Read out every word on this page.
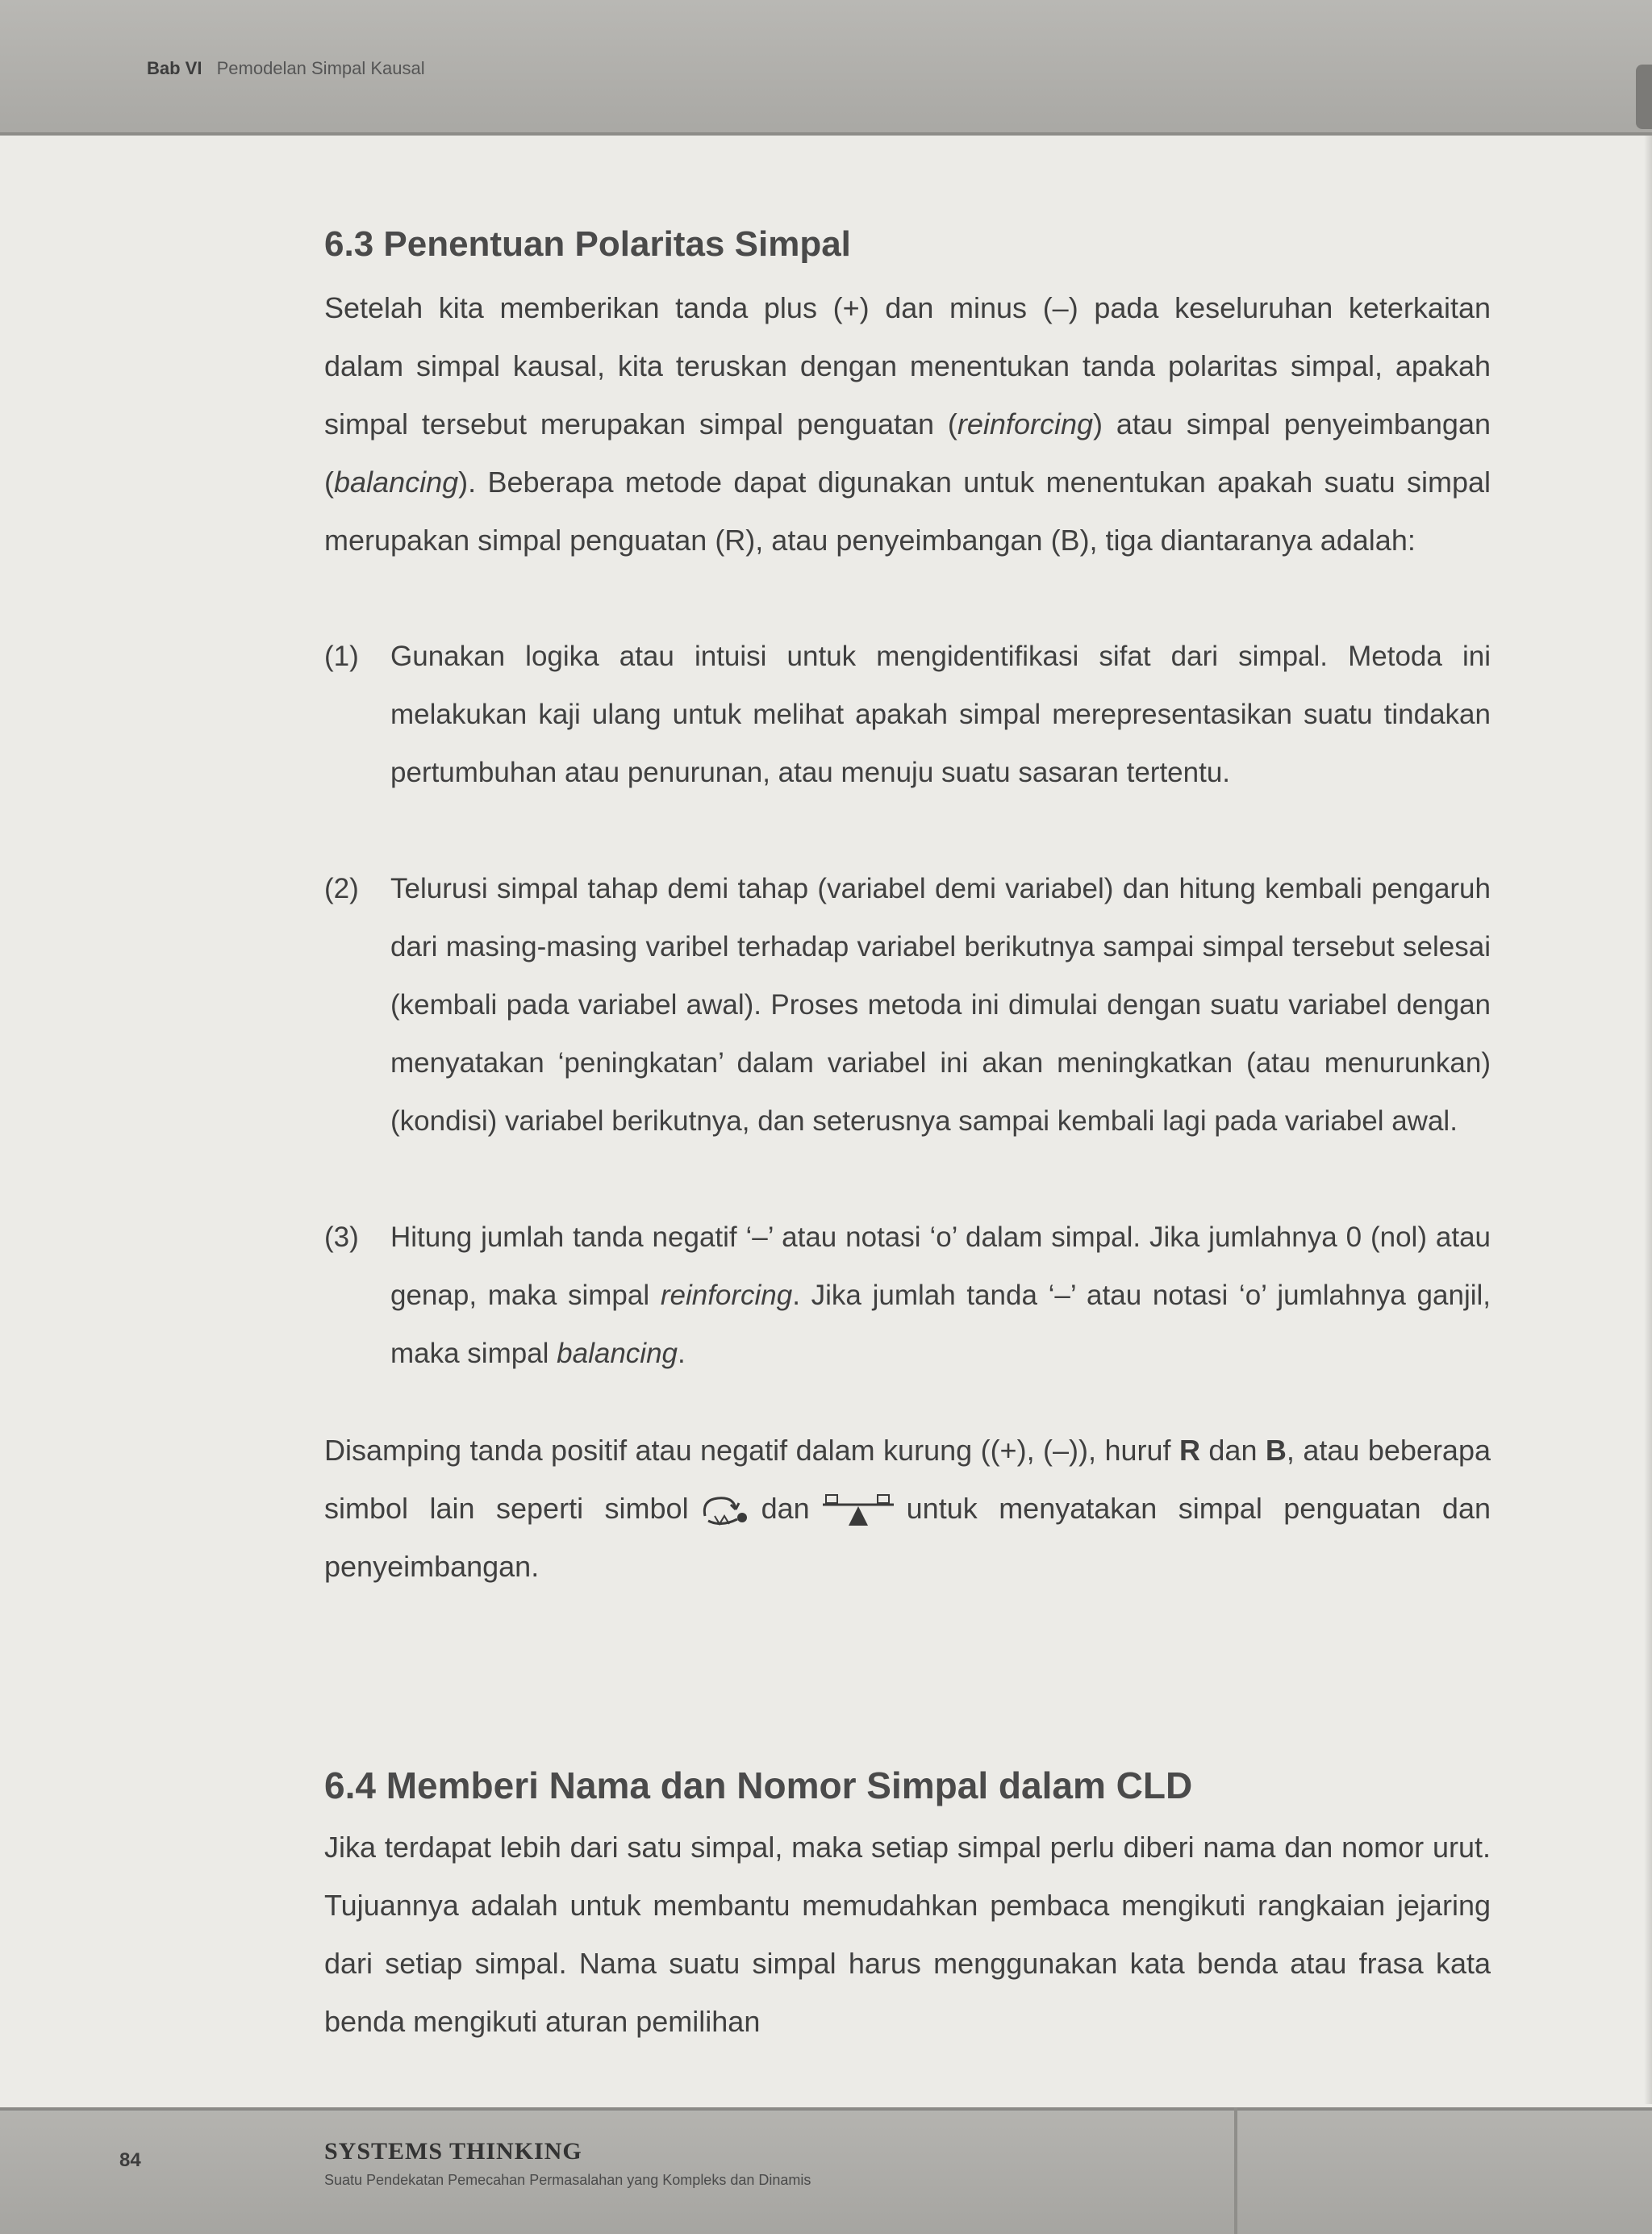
Bab VI Pemodelan Simpal Kausal
6.3 Penentuan Polaritas Simpal

Setelah kita memberikan tanda plus (+) dan minus (–) pada keseluruhan keterkaitan dalam simpal kausal, kita teruskan dengan menentukan tanda polaritas simpal, apakah simpal tersebut merupakan simpal penguatan (reinforcing) atau simpal penyeimbangan (balancing). Beberapa metode dapat digunakan untuk menentukan apakah suatu simpal merupakan simpal penguatan (R), atau penyeimbangan (B), tiga diantaranya adalah:

(1)	Gunakan logika atau intuisi untuk mengidentifikasi sifat dari simpal. Metoda ini melakukan kaji ulang untuk melihat apakah simpal merepresentasikan suatu tindakan pertumbuhan atau penurunan, atau menuju suatu sasaran tertentu.
(2)	Telurusi simpal tahap demi tahap (variabel demi variabel) dan hitung kembali pengaruh dari masing-masing varibel terhadap variabel berikutnya sampai simpal tersebut selesai (kembali pada variabel awal). Proses metoda ini dimulai dengan suatu variabel dengan menyatakan ‘peningkatan’ dalam variabel ini akan meningkatkan (atau menurunkan) (kondisi) variabel berikutnya, dan seterusnya sampai kembali lagi pada variabel awal.
(3)	Hitung jumlah tanda negatif ‘–’ atau notasi ‘o’ dalam simpal. Jika jumlahnya 0 (nol) atau genap, maka simpal reinforcing. Jika jumlah tanda ‘–’ atau notasi ‘o’ jumlahnya ganjil, maka simpal balancing.

Disamping tanda positif atau negatif dalam kurung ((+), (–)), huruf R dan B, atau beberapa simbol lain seperti simbol	dan	untuk menyatakan simpal penguatan dan penyeimbangan.

6.4 Memberi Nama dan Nomor Simpal dalam CLD

Jika terdapat lebih dari satu simpal, maka setiap simpal perlu diberi nama dan nomor urut. Tujuannya adalah untuk membantu memudahkan pembaca mengikuti rangkaian jejaring dari setiap simpal. Nama suatu simpal harus menggunakan kata benda atau frasa kata benda mengikuti aturan pemilihan

84	SYSTEMS THINKING
Suatu Pendekatan Pemecahan Permasalahan yang Kompleks dan Dinamis
